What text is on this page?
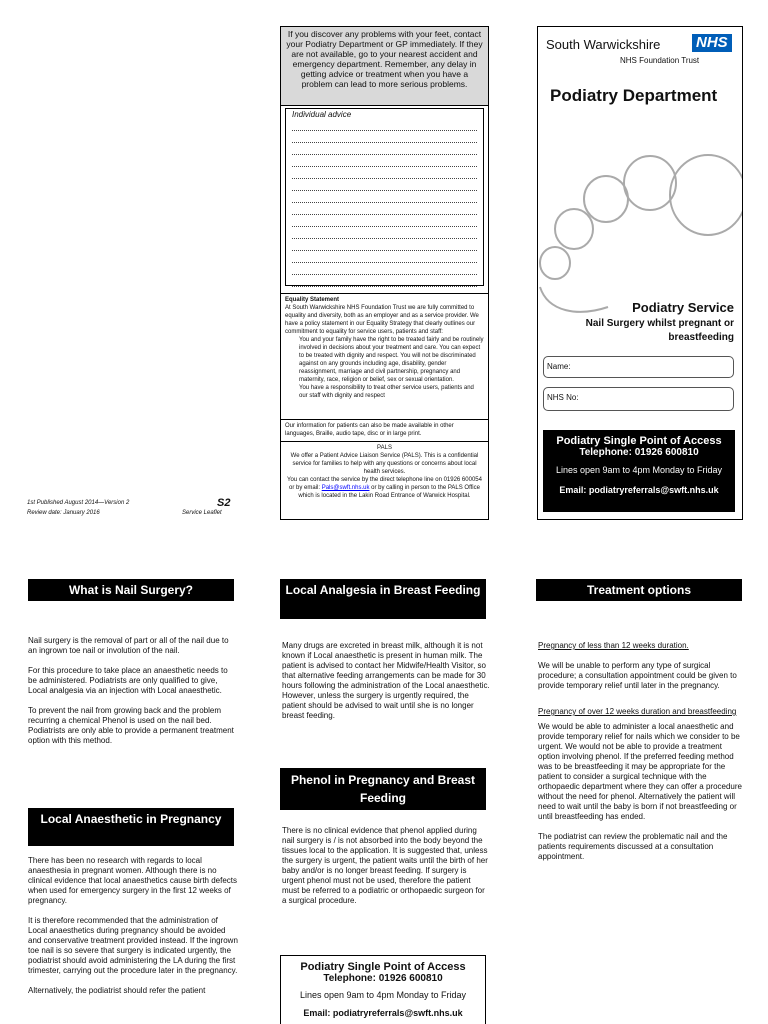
1st Published August 2014—Version 2
Review date: January 2016
S2
Service Leaflet
If you discover any problems with your feet, contact your Podiatry Department or GP immediately. If they are not available, go to your nearest accident and emergency department. Remember, any delay in getting advice or treatment when you have a problem can lead to more serious problems.
Individual advice
Equality Statement
At South Warwickshire NHS Foundation Trust we are fully committed to equality and diversity, both as an employer and as a service provider. We have a policy statement in our Equality Strategy that clearly outlines our commitment to equality for service users, patients and staff:
You and your family have the right to be treated fairly and be routinely involved in decisions about your treatment and care. You can expect to be treated with dignity and respect. You will not be discriminated against on any grounds including age, disability, gender reassignment, marriage and civil partnership, pregnancy and maternity, race, religion or belief, sex or sexual orientation.
You have a responsibility to treat other service users, patients and our staff with dignity and respect
Our information for patients can also be made available in other languages, Braille, audio tape, disc or in large print.
PALS
We offer a Patient Advice Liaison Service (PALS). This is a confidential service for families to help with any questions or concerns about local health services.
You can contact the service by the direct telephone line on 01926 600054 or by email: Pals@swft.nhs.uk or by calling in person to the PALS Office which is located in the Lakin Road Entrance of Warwick Hospital.
South Warwickshire NHS
NHS Foundation Trust
Podiatry Department
Podiatry Service
Nail Surgery whilst pregnant or breastfeeding
Name:
NHS No:
Podiatry Single Point of Access
Telephone: 01926 600810
Lines open 9am to 4pm Monday to Friday
Email: podiatryreferrals@swft.nhs.uk
What is Nail Surgery?

Nail surgery is the removal of part or all of the nail due to an ingrown toe nail or involution of the nail.

For this procedure to take place an anaesthetic needs to be administered. Podiatrists are only qualified to give, Local analgesia via an injection with Local anaesthetic.

To prevent the nail from growing back and the problem recurring a chemical Phenol is used on the nail bed. Podiatrists are only able to provide a permanent treatment option with this method.

Local Anaesthetic in Pregnancy

There has been no research with regards to local anaesthesia in pregnant women. Although there is no clinical evidence that local anaesthetics cause birth defects when used for emergency surgery in the first 12 weeks of pregnancy.

It is therefore recommended that the administration of Local anaesthetics during pregnancy should be avoided and conservative treatment provided instead. If the ingrown toe nail is so severe that surgery is indicated urgently, the podiatrist should avoid administering the LA during the first trimester, carrying out the procedure later in the pregnancy.

Alternatively, the podiatrist should refer the patient

Local Analgesia in Breast Feeding

Many drugs are excreted in breast milk, although it is not known if Local anaesthetic is present in human milk. The patient is advised to contact her Midwife/Health Visitor, so that alternative feeding arrangements can be made for 30 hours following the administration of the Local anaesthetic. However, unless the surgery is urgently required, the patient should be advised to wait until she is no longer breast feeding.

Phenol in Pregnancy and Breast Feeding

There is no clinical evidence that phenol applied during nail surgery is / is not absorbed into the body beyond the tissues local to the application. It is suggested that, unless the surgery is urgent, the patient waits until the birth of her baby and/or is no longer breast feeding. If surgery is urgent phenol must not be used, therefore the patient must be referred to a podiatric or orthopaedic surgeon for a surgical procedure.

Podiatry Single Point of Access
Telephone: 01926 600810
Lines open 9am to 4pm Monday to Friday
Email: podiatryreferrals@swft.nhs.uk
Treatment options

Pregnancy of less than 12 weeks duration.

We will be unable to perform any type of surgical procedure; a consultation appointment could be given to provide temporary relief until later in the pregnancy.

Pregnancy of over 12 weeks duration and breastfeeding

We would be able to administer a local anaesthetic and provide temporary relief for nails which we consider to be urgent. We would not be able to provide a treatment option involving phenol. If the preferred feeding method was to be breastfeeding it may be appropriate for the patient to consider a surgical technique with the orthopaedic department where they can offer a procedure without the need for phenol. Alternatively the patient will need to wait until the baby is born if not breastfeeding or until breastfeeding has ended.

The podiatrist can review the problematic nail and the patients requirements discussed at a consultation appointment.
